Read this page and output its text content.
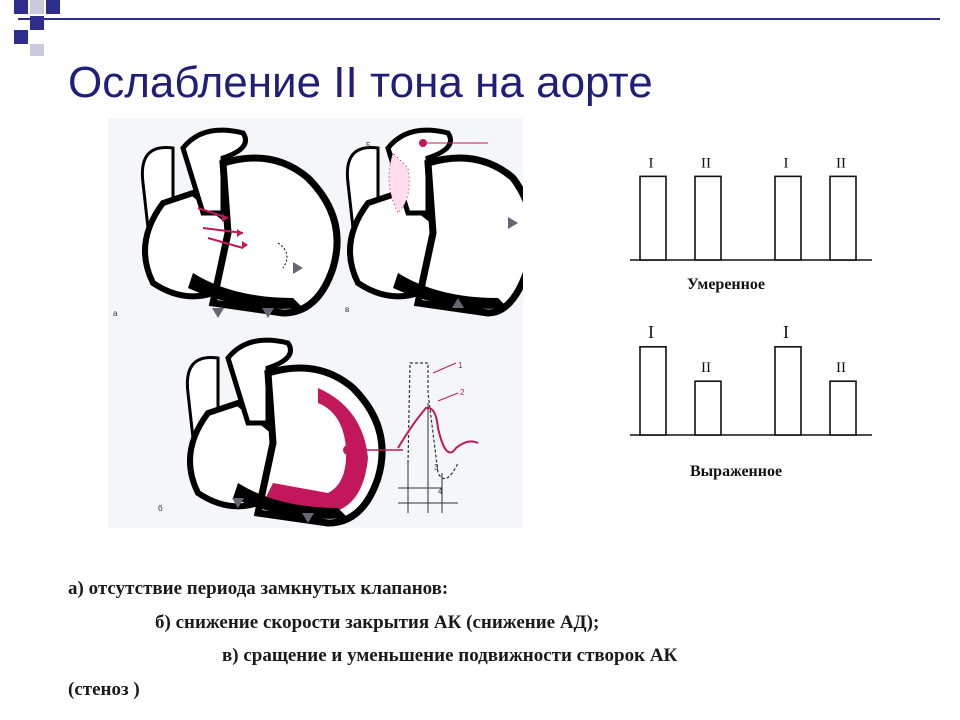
Ослабление II тона на аорте
5
1
2
3
4
а	в
б
I	II	I	II
Умеренное
I
II
I
II
Выраженное
а) отсутствие периода замкнутых клапанов:
б) снижение скорости закрытия АК (снижение АД);
в) сращение и уменьшение подвижности створок АК
(стеноз )
